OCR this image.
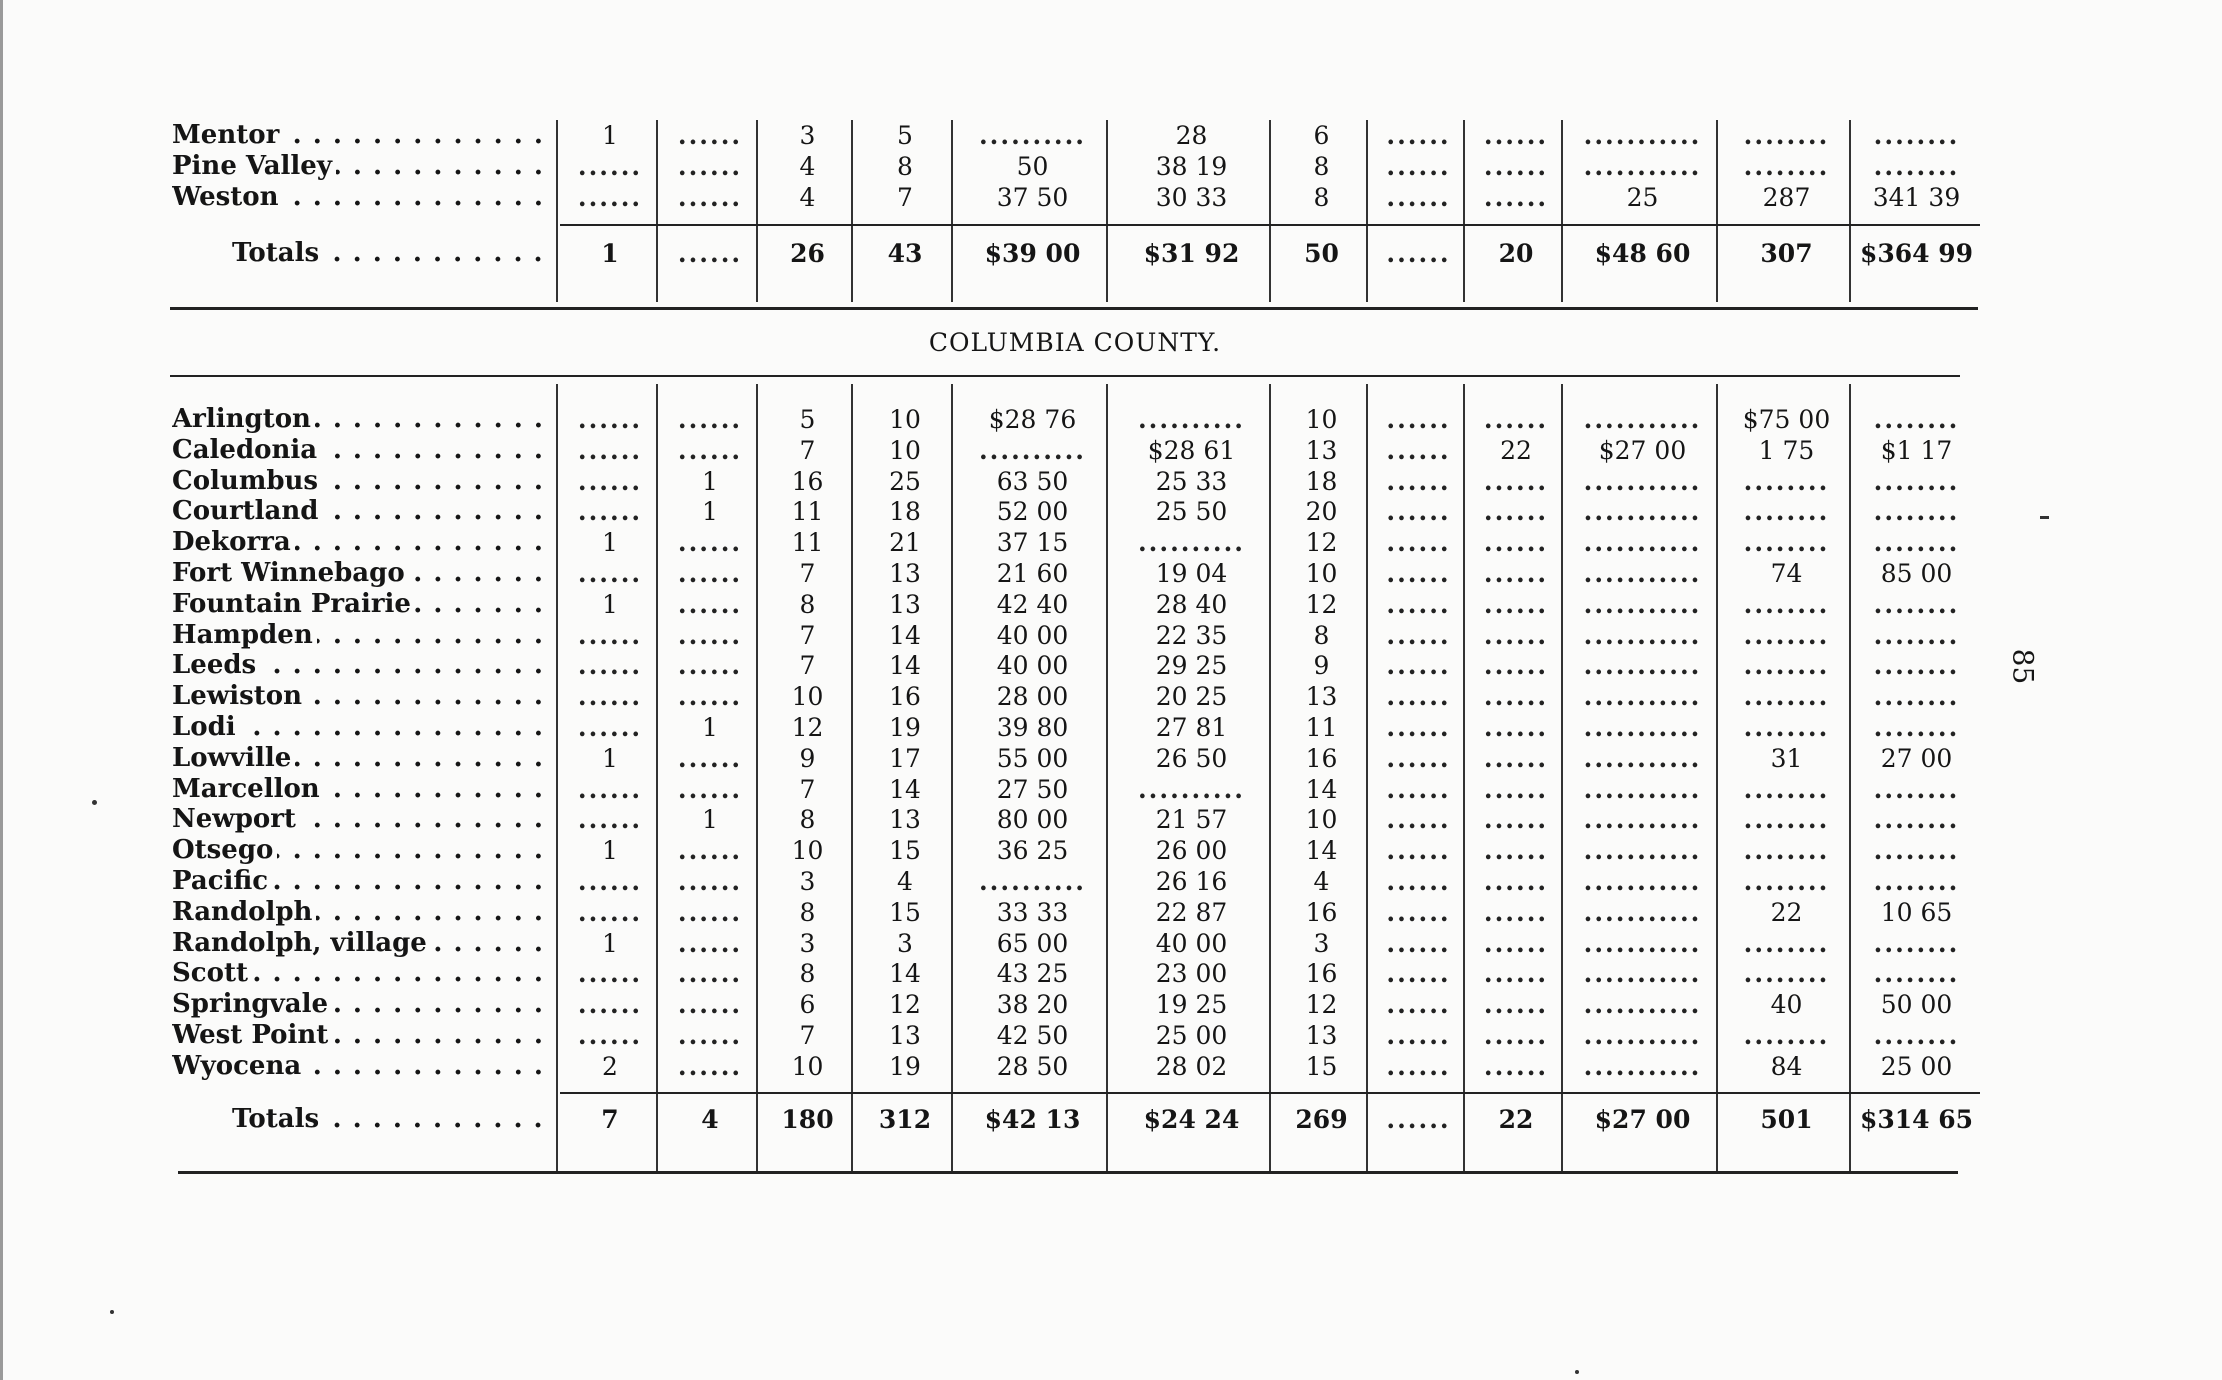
85
Mentor . . .	1	......	3	5	..........	28	6	......	......	...........	........	........
Pine Valley . . .	......	......	4	8	50	38 19	8	......	......	...........	........	........
Weston . . .	......	......	4	7	37 50	30 33	8	......	......	25	287	341 39
Totals . . .	1	......	26	43	$39 00	$31 92	50	......	20	$48 60	307	$364 99
COLUMBIA COUNTY.
Arlington . . .	......	......	5	10	$28 76	..........	10	......	......	...........	$75 00	........
Caledonia . . .	......	......	7	10	..........	$28 61	13	......	22	$27 00	1 75	$1 17
Columbus . . .	......	1	16	25	63 50	25 33	18	......	......	...........	........	........
Courtland . . .	......	1	11	18	52 00	25 50	20	......	......	...........	........	........
Dekorra . . .	1	......	11	21	37 15	..........	12	......	......	...........	........	........
Fort Winnebago . . .	......	......	7	13	21 60	19 04	10	......	......	...........	74	85 00
Fountain Prairie . . .	1	......	8	13	42 40	28 40	12	......	......	...........	........	........
Hampden . . .	......	......	7	14	40 00	22 35	8	......	......	...........	........	........
Leeds . . .	......	......	7	14	40 00	29 25	9	......	......	...........	........	........
Lewiston . . .	......	......	10	16	28 00	20 25	13	......	......	...........	........	........
Lodi . . .	......	1	12	19	39 80	27 81	11	......	......	...........	........	........
Lowville . . .	1	......	9	17	55 00	26 50	16	......	......	...........	31	27 00
Marcellon . . .	......	......	7	14	27 50	..........	14	......	......	...........	........	........
Newport . . .	......	1	8	13	80 00	21 57	10	......	......	...........	........	........
Otsego . . .	1	......	10	15	36 25	26 00	14	......	......	...........	........	........
Pacific . . .	......	......	3	4	..........	26 16	4	......	......	...........	........	........
Randolph . . .	......	......	8	15	33 33	22 87	16	......	......	...........	22	10 65
Randolph, village . . .	1	......	3	3	65 00	40 00	3	......	......	...........	........	........
Scott . . .	......	......	8	14	43 25	23 00	16	......	......	...........	........	........
Springvale . . .	......	......	6	12	38 20	19 25	12	......	......	...........	40	50 00
West Point . . .	......	......	7	13	42 50	25 00	13	......	......	...........	........	........
Wyocena . . .	2	......	10	19	28 50	28 02	15	......	......	...........	84	25 00
Totals . . .	7	4	180	312	$42 13	$24 24	269	......	22	$27 00	501	$314 65
